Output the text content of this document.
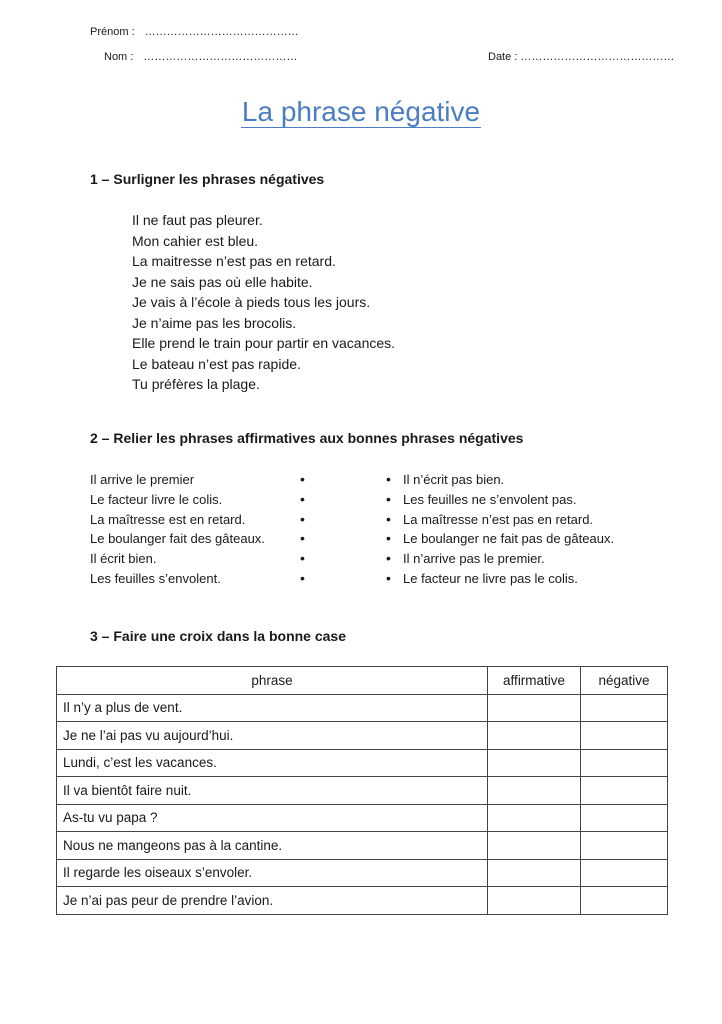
Prénom : ……………………………………
Nom : ……………………………………	Date : ……………………………………
La phrase négative
1 – Surligner les phrases négatives
Il ne faut pas pleurer.
Mon cahier est bleu.
La maitresse n’est pas en retard.
Je ne sais pas où elle habite.
Je vais à l’école à pieds tous les jours.
Je n’aime pas les brocolis.
Elle prend le train pour partir en vacances.
Le bateau n’est pas rapide.
Tu préfères la plage.
2 – Relier les phrases affirmatives aux bonnes phrases négatives
Il arrive le premier	•	• Il n’écrit pas bien.
Le facteur livre le colis.	•	• Les feuilles ne s’envolent pas.
La maîtresse est en retard.	•	• La maîtresse n’est pas en retard.
Le boulanger fait des gâteaux.	•	• Le boulanger ne fait pas de gâteaux.
Il écrit bien.	•	• Il n’arrive pas le premier.
Les feuilles s’envolent.	•	• Le facteur ne livre pas le colis.
3 – Faire une croix dans la bonne case
phrase	affirmative	négative
Il n’y a plus de vent.		
Je ne l’ai pas vu aujourd’hui.		
Lundi, c’est les vacances.		
Il va bientôt faire nuit.		
As-tu vu papa ?		
Nous ne mangeons pas à la cantine.		
Il regarde les oiseaux s’envoler.		
Je n’ai pas peur de prendre l’avion.		
